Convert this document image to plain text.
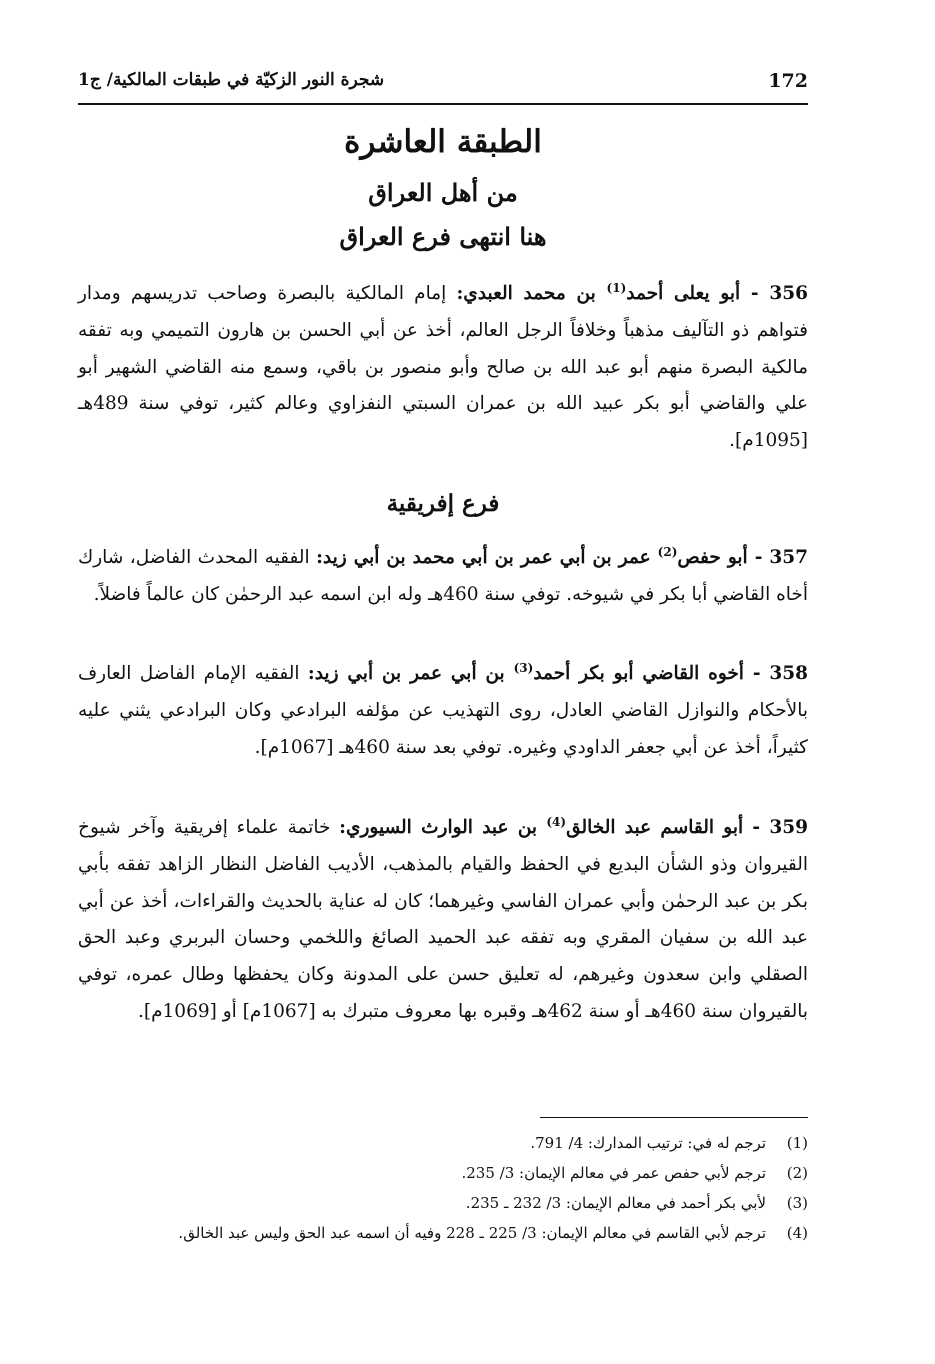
172
شجرة النور الزكيّة في طبقات المالكية/ ج1
الطبقة العاشرة
من أهل العراق
هنا انتهى فرع العراق
356 - أبو يعلى أحمد$^{(1)}$ بن محمد العبدي: إمام المالكية بالبصرة وصاحب تدريسهم ومدار فتواهم ذو التآليف مذهباً وخلافاً الرجل العالم، أخذ عن أبي الحسن بن هارون التميمي وبه تفقه مالكية البصرة منهم أبو عبد الله بن صالح وأبو منصور بن باقي، وسمع منه القاضي الشهير أبو علي والقاضي أبو بكر عبيد الله بن عمران السبتي النفزاوي وعالم كثير، توفي سنة 489هـ [1095م].
فرع إفريقية
357 - أبو حفص$^{(2)}$ عمر بن أبي عمر بن أبي محمد بن أبي زيد: الفقيه المحدث الفاضل، شارك أخاه القاضي أبا بكر في شيوخه. توفي سنة 460هـ وله ابن اسمه عبد الرحمٰن كان عالماً فاضلاً.
358 - أخوه القاضي أبو بكر أحمد$^{(3)}$ بن أبي عمر بن أبي زيد: الفقيه الإمام الفاضل العارف بالأحكام والنوازل القاضي العادل، روى التهذيب عن مؤلفه البرادعي وكان البرادعي يثني عليه كثيراً، أخذ عن أبي جعفر الداودي وغيره. توفي بعد سنة 460هـ [1067م].
359 - أبو القاسم عبد الخالق$^{(4)}$ بن عبد الوارث السيوري: خاتمة علماء إفريقية وآخر شيوخ القيروان وذو الشأن البديع في الحفظ والقيام بالمذهب، الأديب الفاضل النظار الزاهد تفقه بأبي بكر بن عبد الرحمٰن وأبي عمران الفاسي وغيرهما؛ كان له عناية بالحديث والقراءات، أخذ عن أبي عبد الله بن سفيان المقري وبه تفقه عبد الحميد الصائغ واللخمي وحسان البربري وعبد الحق الصقلي وابن سعدون وغيرهم، له تعليق حسن على المدونة وكان يحفظها وطال عمره، توفي بالقيروان سنة 460هـ أو سنة 462هـ وقبره بها معروف متبرك به [1067م] أو [1069م].
(1)
ترجم له في: ترتيب المدارك: 4/ 791.
(2)
ترجم لأبي حفص عمر في معالم الإيمان: 3/ 235.
(3)
لأبي بكر أحمد في معالم الإيمان: 3/ 232 ـ 235.
(4)
ترجم لأبي القاسم في معالم الإيمان: 3/ 225 ـ 228 وفيه أن اسمه عبد الحق وليس عبد الخالق.
